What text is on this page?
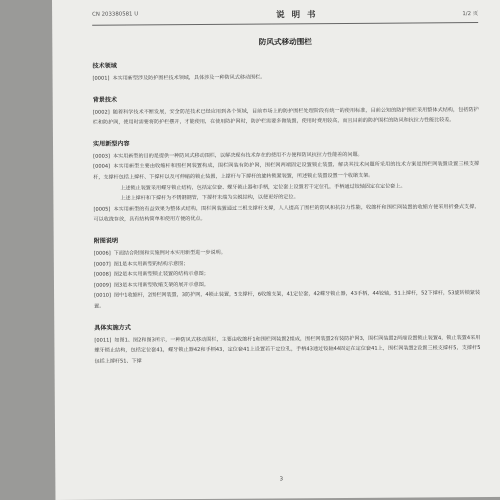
CN 203380581 U	说 明 书	1/2 页
防风式移动围栏
技术领域
[0001] 本实用新型涉及防护围栏技术领域，具体涉及一种防风式移动围栏。
背景技术
[0002] 随着科学技术不断发展，安全防范技术已经应用到各个领域，目前市场上的防护围栏处理阶段有统一的使用标准，目前公知的防护围栏采用整体式结构，包括防护栏和防护网，使用时需要将防护栏摆开，才能使用，在使用防护网时，防护栏需要多做装置，使用时费用较高，而且目前的防护围栏的防风和抗拉力性能比较差。
实用新型内容
[0003] 本实用新型的目的是提供一种防风式移动围栏，以解决现有技术存在的使用不方便和防风抗拉力性能差的问题。
[0004] 本实用新型主要由收缩杆和围栏网装置构成，围栏网装有防护网，围栏网两端固定设置锁止装置，解决其技术问题所采用的技术方案是围栏网装置设置三根支撑杆，支撑杆包括上撑杆、下撑杆以及可伸缩的锁止装置，上撑杆与下撑杆的旋转锁紧装置，所述锁止装置设置一个收缩支架。
上述锁止装置采用蝶牙锁止结构，包括定位套、蝶牙锁止器和手柄，定位套上设置若干定位孔，手柄通过铰轴固定在定位套上。
上述上撑杆和下撑杆为不锈钢钢管，下撑杆末端为尖锐结构，以便更好的定位。
[0005] 本实用新型的有益效果为整体式结构，围栏网装置通过三根支撑杆支撑，人人提高了围栏的防风和抗拉力性能，收缩杆和围栏网装置的收缩方便采用折叠式支撑，可以收拢存放，具有结构简单和使用方便的优点。
附图说明
[0006] 下面结合附图和实施例对本实用新型进一步说明。
[0007] 图1是本实用新型的结构示意图；
[0008] 图2是本实用新型锁止装置的结构示意图；
[0009] 图3是本实用新型收缩支架的展开示意图。
[0010] 图中1收缩杆，2围栏网装置，3防护网，4锁止装置，5支撑杆，6收缩支架，41定位套，42蝶牙锁止器，43手柄，44铰轴，51上撑杆，52下撑杆，53旋转锁紧装置。
具体实施方式
[0011] 如图1、图2和图3所示，一种防风式移动围栏，主要由收缩杆1和围栏网装置2组成，围栏网装置2有装防护网3，围栏网装置2两端设置锁止装置4，锁止装置4采用蝶牙锁止结构，包括定位套41，蝶牙锁止器42和手柄43，定位套41上设置若干定位孔，手柄43通过铰轴44固定在定位套41上，围栏网装置2设置三根支撑杆5，支撑杆5包括上撑杆51、下撑
3
